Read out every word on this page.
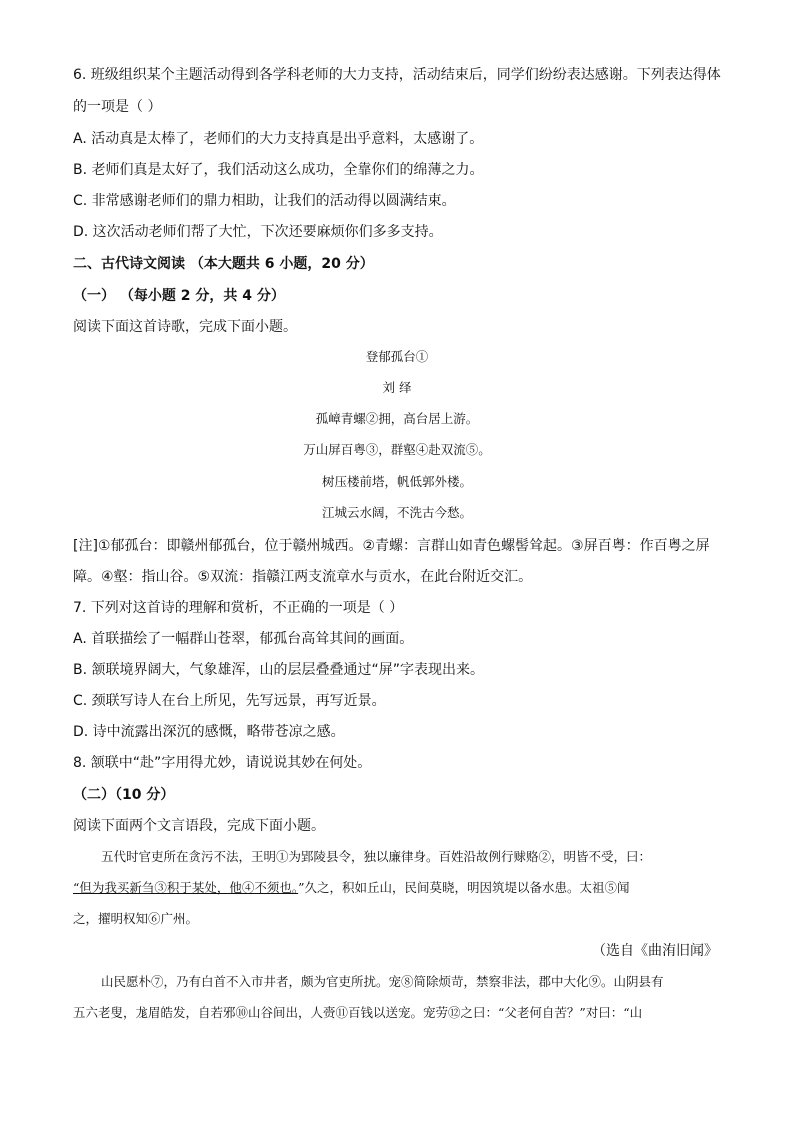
6. 班级组织某个主题活动得到各学科老师的大力支持，活动结束后，同学们纷纷表达感谢。下列表达得体
的一项是（ ）
A. 活动真是太棒了，老师们的大力支持真是出乎意料，太感谢了。
B. 老师们真是太好了，我们活动这么成功，全靠你们的绵薄之力。
C. 非常感谢老师们的鼎力相助，让我们的活动得以圆满结束。
D. 这次活动老师们帮了大忙，下次还要麻烦你们多多支持。
二、古代诗文阅读 （本大题共 6 小题，20 分）
（一） （每小题 2 分，共 4 分）
阅读下面这首诗歌，完成下面小题。
登郁孤台①
刘 绎
孤嶂青螺②拥，高台居上游。
万山屏百粤③，群壑④赴双流⑤。
树压楼前塔，帆低郭外楼。
江城云水阔，不洗古今愁。
[注]①郁孤台：即赣州郁孤台，位于赣州城西。②青螺：言群山如青色螺髻耸起。③屏百粤：作百粤之屏
障。④壑：指山谷。⑤双流：指赣江两支流章水与贡水，在此台附近交汇。
7. 下列对这首诗的理解和赏析，不正确的一项是（ ）
A. 首联描绘了一幅群山苍翠，郁孤台高耸其间的画面。
B. 颔联境界阔大，气象雄浑，山的层层叠叠通过“屏”字表现出来。
C. 颈联写诗人在台上所见，先写远景，再写近景。
D. 诗中流露出深沉的感慨，略带苍凉之感。
8. 颔联中“赴”字用得尤妙，请说说其妙在何处。
（二）（10 分）
阅读下面两个文言语段，完成下面小题。
五代时官吏所在贪污不法，王明①为郢陵县令，独以廉律身。百姓沿故例行赇赂②，明皆不受，曰：
“但为我买新刍③积于某处，他④不须也。”久之，积如丘山，民间莫晓，明因筑堤以备水患。太祖⑤闻
之，擢明权知⑥广州。
（选自《曲洧旧闻》
山民愿朴⑦，乃有白首不入市井者，颇为官吏所扰。宠⑧简除烦苛，禁察非法，郡中大化⑨。山阴县有
五六老叟，尨眉皓发，自若邪⑩山谷间出，人赍⑪百钱以送宠。宠劳⑫之曰：“父老何自苦？”对曰：“山
